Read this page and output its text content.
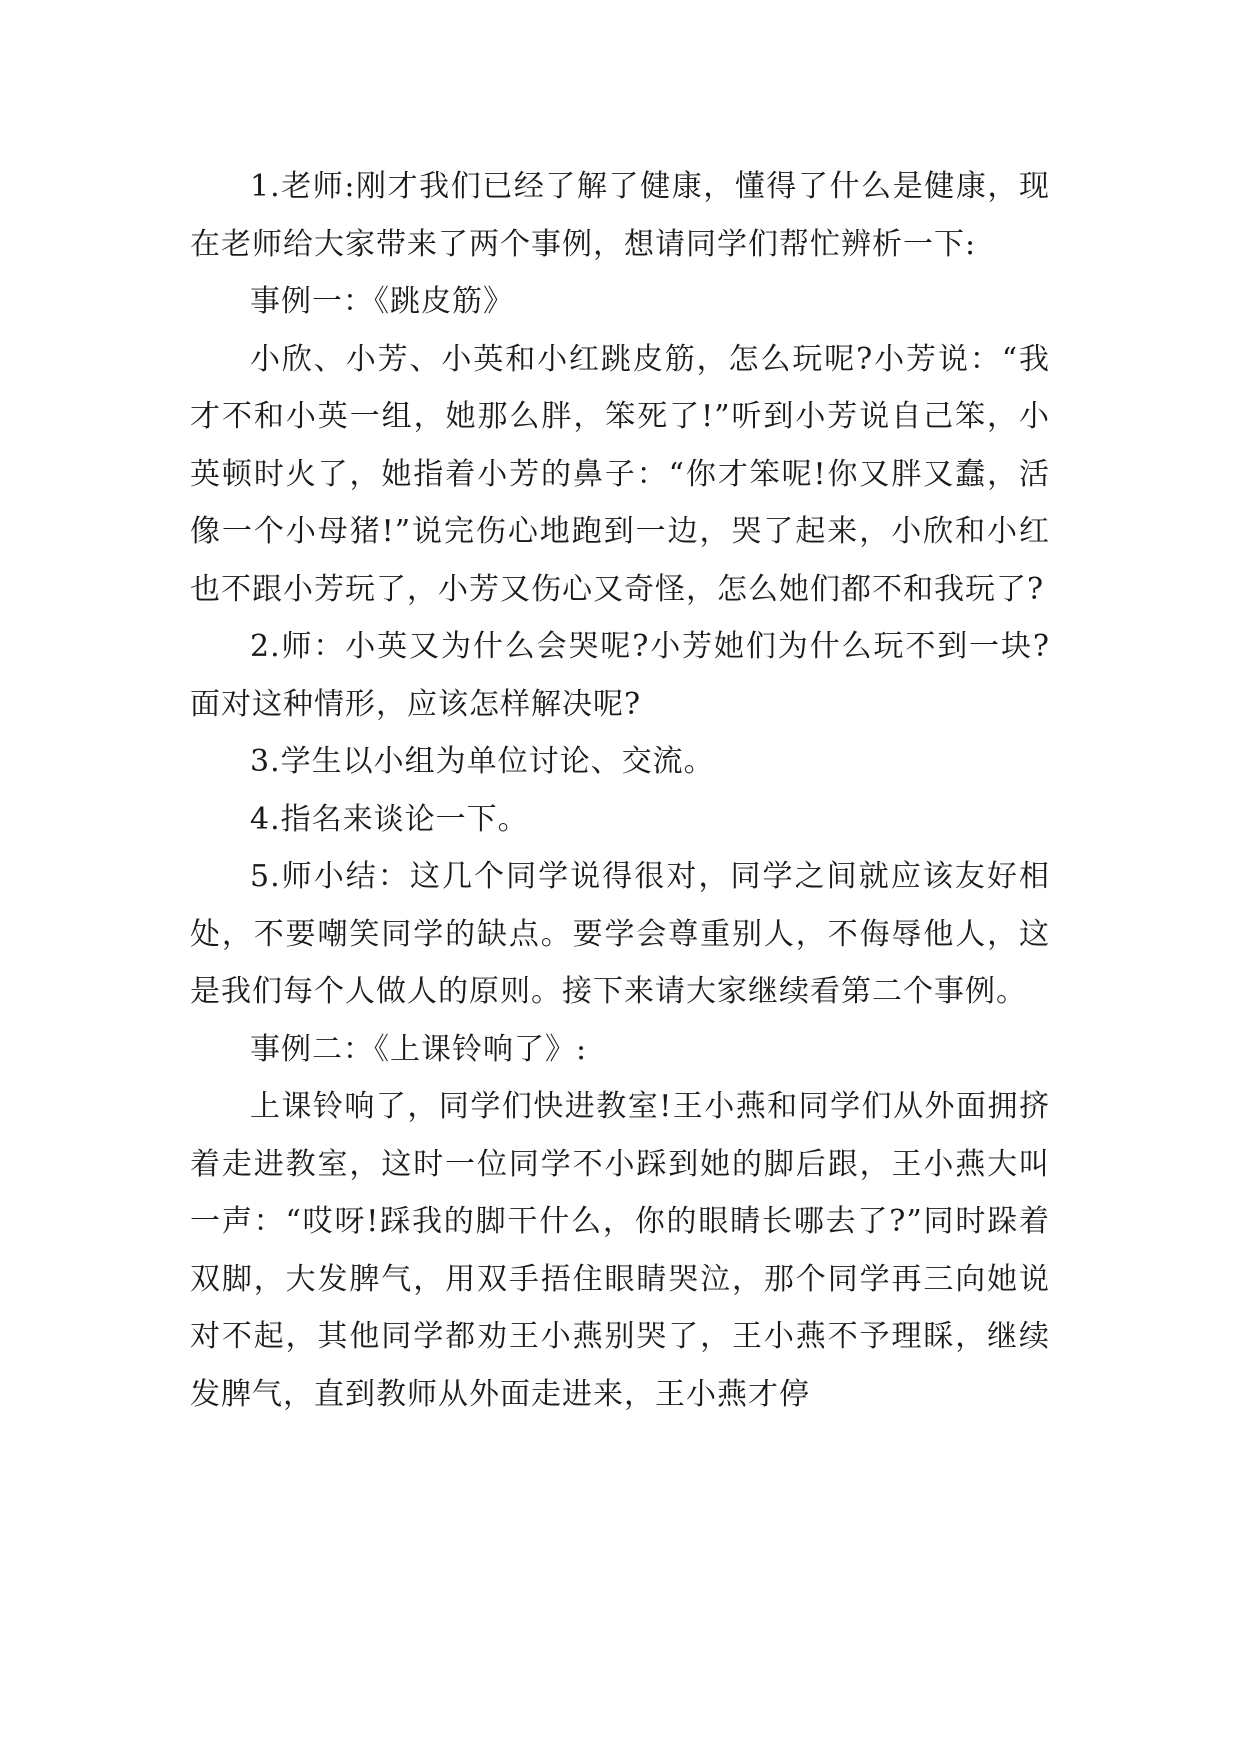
1.老师:刚才我们已经了解了健康，懂得了什么是健康，现在老师给大家带来了两个事例，想请同学们帮忙辨析一下:

事例一：《跳皮筋》

小欣、小芳、小英和小红跳皮筋，怎么玩呢?小芳说：“我才不和小英一组，她那么胖，笨死了!”听到小芳说自己笨，小英顿时火了，她指着小芳的鼻子：“你才笨呢!你又胖又蠢，活像一个小母猪!”说完伤心地跑到一边，哭了起来，小欣和小红也不跟小芳玩了，小芳又伤心又奇怪，怎么她们都不和我玩了?

2.师：小英又为什么会哭呢?小芳她们为什么玩不到一块?面对这种情形，应该怎样解决呢?

3.学生以小组为单位讨论、交流。

4.指名来谈论一下。

5.师小结：这几个同学说得很对，同学之间就应该友好相处，不要嘲笑同学的缺点。要学会尊重别人，不侮辱他人，这是我们每个人做人的原则。接下来请大家继续看第二个事例。

事例二：《上课铃响了》:

上课铃响了，同学们快进教室!王小燕和同学们从外面拥挤着走进教室，这时一位同学不小踩到她的脚后跟，王小燕大叫一声：“哎呀!踩我的脚干什么，你的眼睛长哪去了?”同时跺着双脚，大发脾气，用双手捂住眼睛哭泣，那个同学再三向她说对不起，其他同学都劝王小燕别哭了，王小燕不予理睬，继续发脾气，直到教师从外面走进来，王小燕才停
